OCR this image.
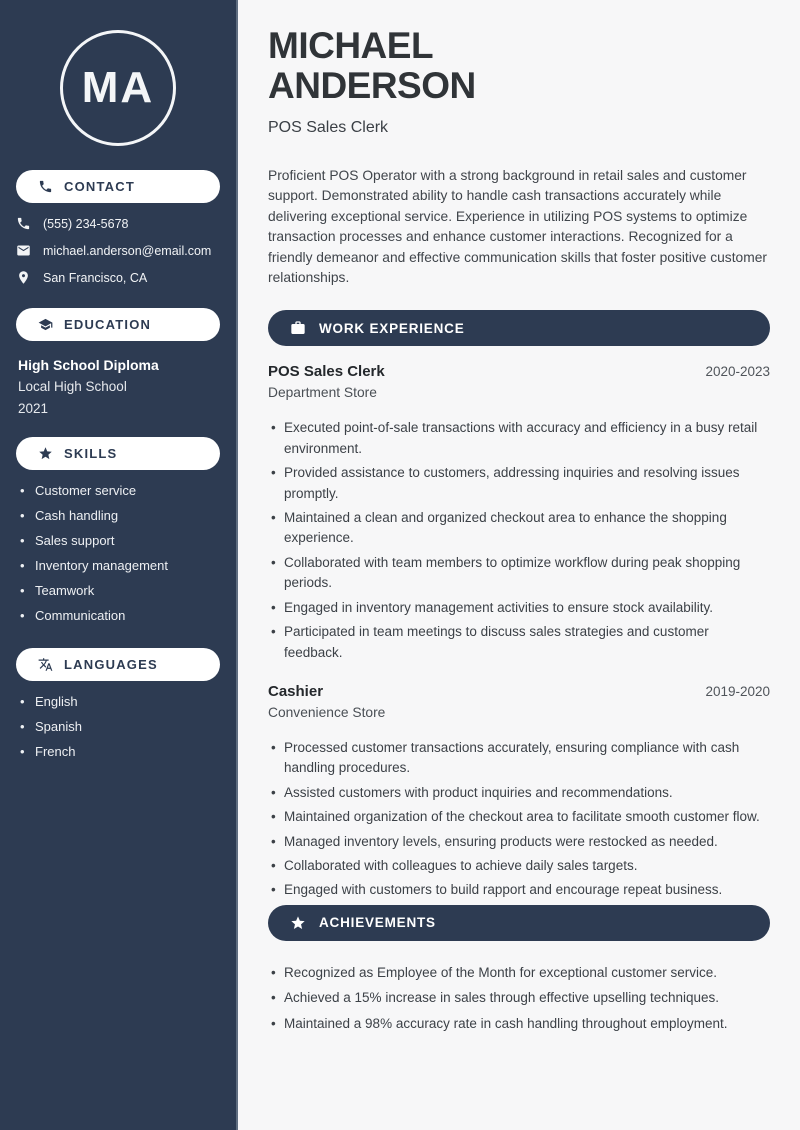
MA
CONTACT
(555) 234-5678
michael.anderson@email.com
San Francisco, CA
EDUCATION
High School Diploma
Local High School
2021
SKILLS
• Customer service
• Cash handling
• Sales support
• Inventory management
• Teamwork
• Communication
LANGUAGES
• English
• Spanish
• French
MICHAEL ANDERSON
POS Sales Clerk

Proficient POS Operator with a strong background in retail sales and customer support. Demonstrated ability to handle cash transactions accurately while delivering exceptional service. Experience in utilizing POS systems to optimize transaction processes and enhance customer interactions. Recognized for a friendly demeanor and effective communication skills that foster positive customer relationships.

WORK EXPERIENCE
POS Sales Clerk	2020-2023
Department Store
• Executed point-of-sale transactions with accuracy and efficiency in a busy retail environment.
• Provided assistance to customers, addressing inquiries and resolving issues promptly.
• Maintained a clean and organized checkout area to enhance the shopping experience.
• Collaborated with team members to optimize workflow during peak shopping periods.
• Engaged in inventory management activities to ensure stock availability.
• Participated in team meetings to discuss sales strategies and customer feedback.
Cashier	2019-2020
Convenience Store
• Processed customer transactions accurately, ensuring compliance with cash handling procedures.
• Assisted customers with product inquiries and recommendations.
• Maintained organization of the checkout area to facilitate smooth customer flow.
• Managed inventory levels, ensuring products were restocked as needed.
• Collaborated with colleagues to achieve daily sales targets.
• Engaged with customers to build rapport and encourage repeat business.
ACHIEVEMENTS
• Recognized as Employee of the Month for exceptional customer service.
• Achieved a 15% increase in sales through effective upselling techniques.
• Maintained a 98% accuracy rate in cash handling throughout employment.
